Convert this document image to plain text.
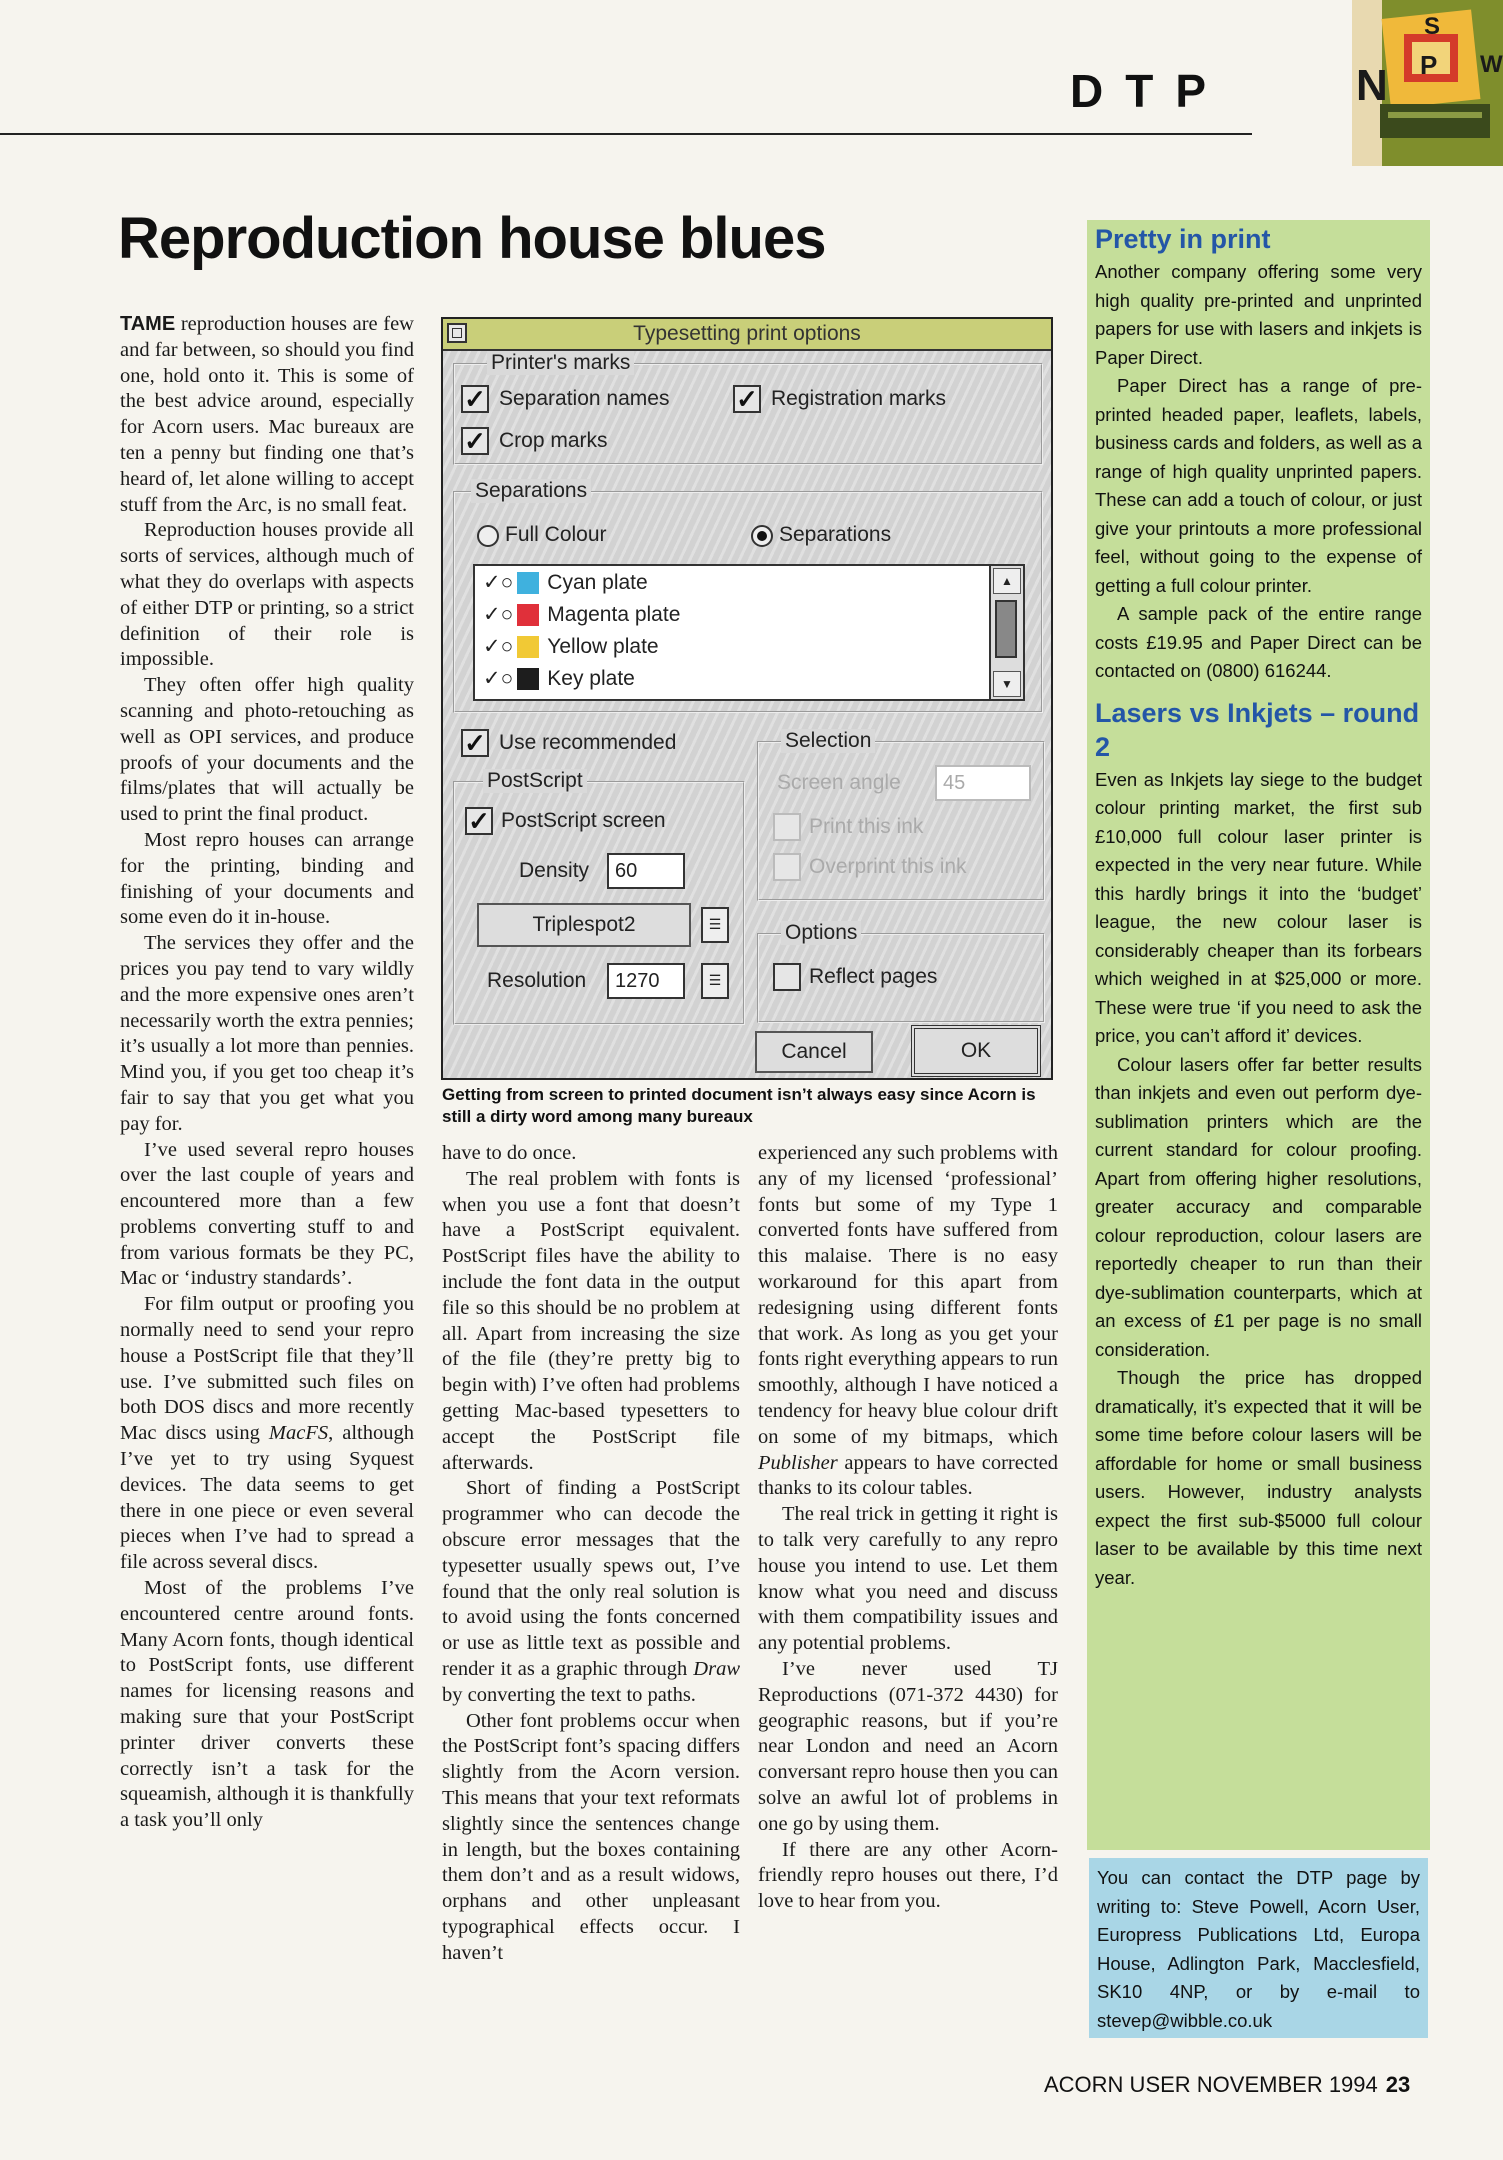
DTP	N P
S
W
Reproduction house blues

TAME reproduction houses are few and far between, so should you find one, hold onto it. This is some of the best advice around, especially for Acorn users. Mac bureaux are ten a penny but finding one that’s heard of, let alone willing to accept stuff from the Arc, is no small feat.

Reproduction houses provide all sorts of services, although much of what they do overlaps with aspects of either DTP or printing, so a strict definition of their role is impossible.

They often offer high quality scanning and photo-retouching as well as OPI services, and produce proofs of your documents and the films/plates that will actually be used to print the final product.

Most repro houses can arrange for the printing, binding and finishing of your documents and some even do it in-house.

The services they offer and the prices you pay tend to vary wildly and the more expensive ones aren’t necessarily worth the extra pennies; it’s usually a lot more than pennies. Mind you, if you get too cheap it’s fair to say that you get what you pay for.

I’ve used several repro houses over the last couple of years and encountered more than a few problems converting stuff to and from various formats be they PC, Mac or ‘industry standards’.

For film output or proofing you normally need to send your repro house a PostScript file that they’ll use. I’ve submitted such files on both DOS discs and more recently Mac discs using MacFS, although I’ve yet to try using Syquest devices. The data seems to get there in one piece or even several pieces when I’ve had to spread a file across several discs.

Most of the problems I’ve encountered centre around fonts. Many Acorn fonts, though identical to PostScript fonts, use different names for licensing reasons and making sure that your PostScript printer driver converts these correctly isn’t a task for the squeamish, although it is thankfully a task you’ll only

Typesetting print options
Printer's marks
✓ Separation names	✓ Registration marks
✓ Crop marks
Separations
Full Colour	Separations
✓○ Cyan plate
✓○ Magenta plate
✓○ Yellow plate
✓○ Key plate
▲
▼
✓ Use recommended
PostScript
✓ PostScript screen
Density	60
Triplespot2	☰
Resolution	1270	☰
Selection
Screen angle	45
Print this ink
Overprint this ink
Options
Reflect pages
Cancel	OK
Getting from screen to printed document isn’t always easy since Acorn is still a dirty word among many bureaux

have to do once.

The real problem with fonts is when you use a font that doesn’t have a PostScript equivalent. PostScript files have the ability to include the font data in the output file so this should be no problem at all. Apart from increasing the size of the file (they’re pretty big to begin with) I’ve often had problems getting Mac-based typesetters to accept the PostScript file afterwards.

Short of finding a PostScript programmer who can decode the obscure error messages that the typesetter usually spews out, I’ve found that the only real solution is to avoid using the fonts concerned or use as little text as possible and render it as a graphic through Draw by converting the text to paths.

Other font problems occur when the PostScript font’s spacing differs slightly from the Acorn version. This means that your text reformats slightly since the sentences change in length, but the boxes containing them don’t and as a result widows, orphans and other unpleasant typographical effects occur. I haven’t

experienced any such problems with any of my licensed ‘professional’ fonts but some of my Type 1 converted fonts have suffered from this malaise. There is no easy workaround for this apart from redesigning using different fonts that work. As long as you get your fonts right everything appears to run smoothly, although I have noticed a tendency for heavy blue colour drift on some of my bitmaps, which Publisher appears to have corrected thanks to its colour tables.

The real trick in getting it right is to talk very carefully to any repro house you intend to use. Let them know what you need and discuss with them compatibility issues and any potential problems.

I’ve never used TJ Reproductions (071-372 4430) for geographic reasons, but if you’re near London and need an Acorn conversant repro house then you can solve an awful lot of problems in one go by using them.

If there are any other Acorn-friendly repro houses out there, I’d love to hear from you.

Pretty in print

Another company offering some very high quality pre-printed and unprinted papers for use with lasers and inkjets is Paper Direct.

Paper Direct has a range of pre-printed headed paper, leaflets, labels, business cards and folders, as well as a range of high quality unprinted papers. These can add a touch of colour, or just give your printouts a more professional feel, without going to the expense of getting a full colour printer.

A sample pack of the entire range costs £19.95 and Paper Direct can be contacted on (0800) 616244.

Lasers vs Inkjets – round 2

Even as Inkjets lay siege to the budget colour printing market, the first sub £10,000 full colour laser printer is expected in the very near future. While this hardly brings it into the ‘budget’ league, the new colour laser is considerably cheaper than its forbears which weighed in at $25,000 or more. These were true ‘if you need to ask the price, you can’t afford it’ devices.

Colour lasers offer far better results than inkjets and even out perform dye-sublimation printers which are the current standard for colour proofing. Apart from offering higher resolutions, greater accuracy and comparable colour reproduction, colour lasers are reportedly cheaper to run than their dye-sublimation counterparts, which at an excess of £1 per page is no small consideration.

Though the price has dropped dramatically, it’s expected that it will be some time before colour lasers will be affordable for home or small business users. However, industry analysts expect the first sub-$5000 full colour laser to be available by this time next year.

You can contact the DTP page by writing to: Steve Powell, Acorn User, Europress Publications Ltd, Europa House, Adlington Park, Macclesfield, SK10 4NP, or by e-mail to stevep@wibble.co.uk
ACORN USER NOVEMBER 1994 23
